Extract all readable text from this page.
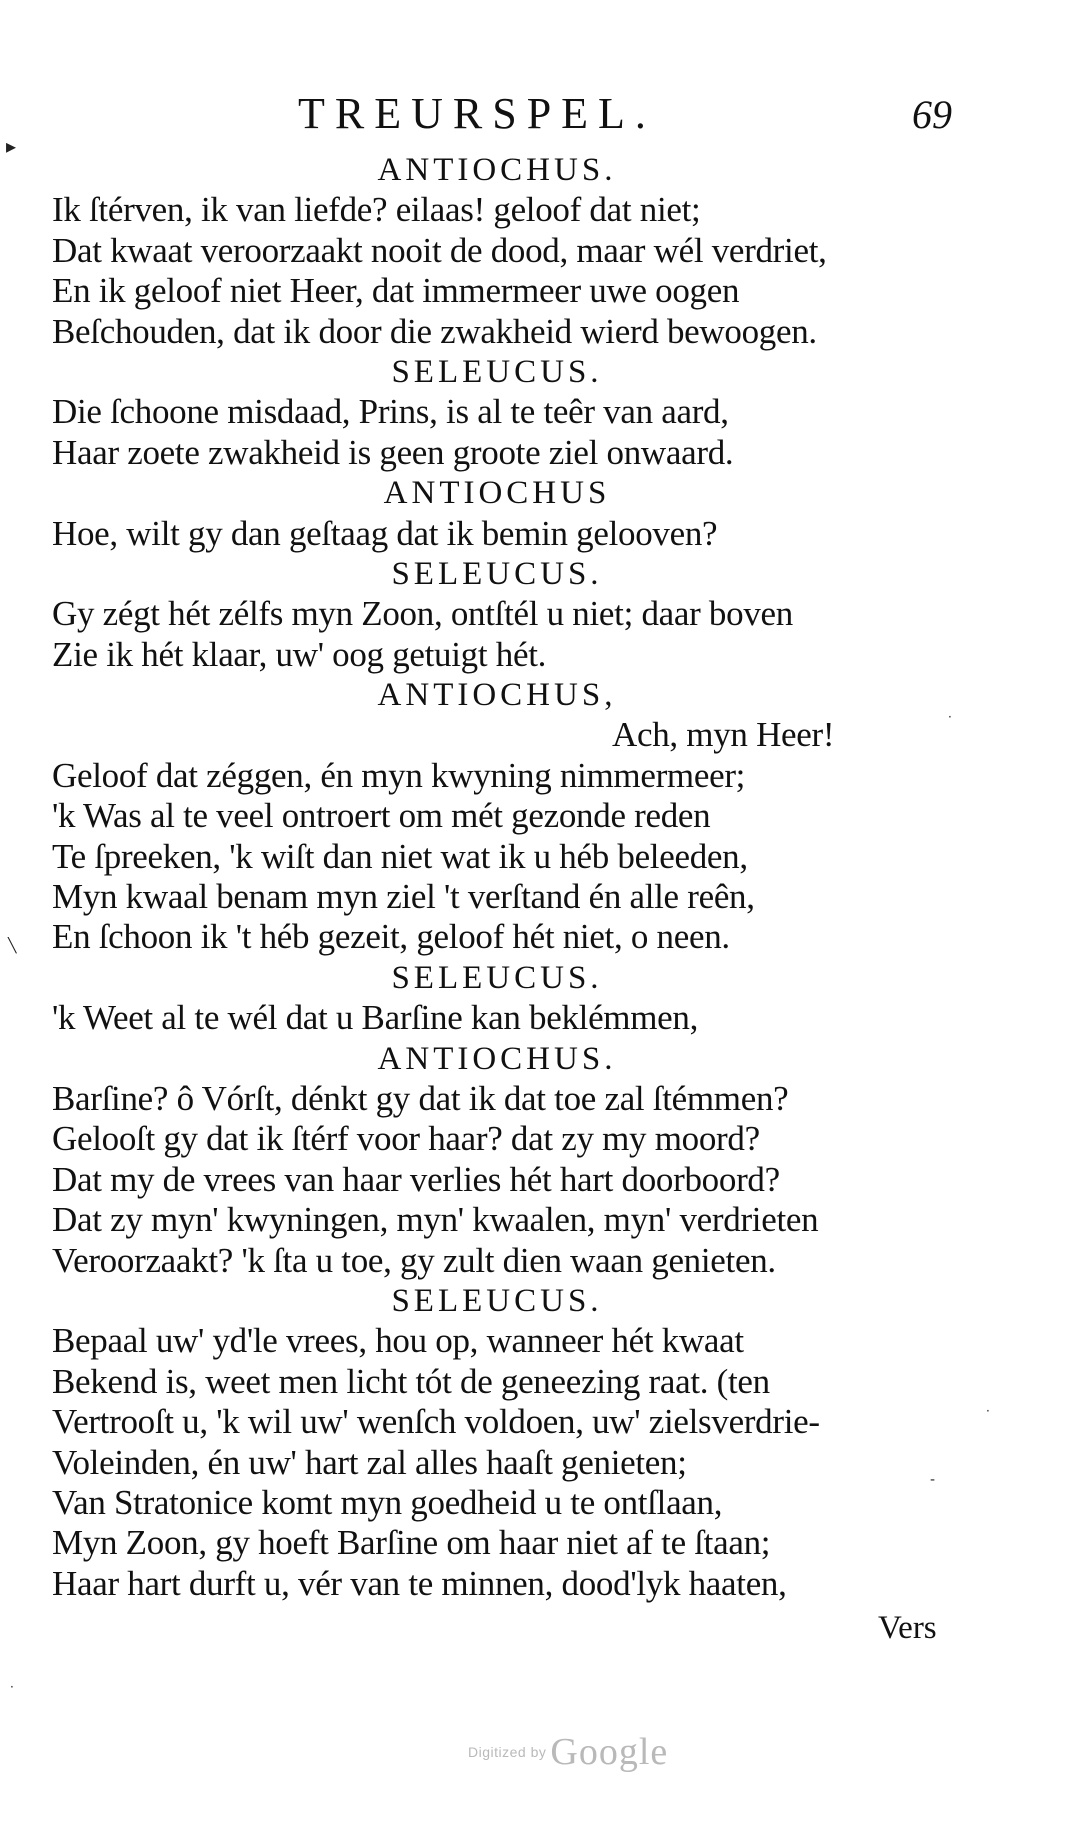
TREURSPEL.	69
ANTIOCHUS.
Ik ſtérven, ik van liefde? eilaas! geloof dat niet;
Dat kwaat veroorzaakt nooit de dood, maar wél verdriet,
En ik geloof niet Heer, dat immermeer uwe oogen
Beſchouden, dat ik door die zwakheid wierd bewoogen.
SELEUCUS.
Die ſchoone misdaad, Prins, is al te teêr van aard,
Haar zoete zwakheid is geen groote ziel onwaard.
ANTIOCHUS
Hoe, wilt gy dan geſtaag dat ik bemin gelooven?
SELEUCUS.
Gy zégt hét zélfs myn Zoon, ontſtél u niet; daar boven
Zie ik hét klaar, uw' oog getuigt hét.
ANTIOCHUS,
Ach, myn Heer!
Geloof dat zéggen, én myn kwyning nimmermeer;
'k Was al te veel ontroert om mét gezonde reden
Te ſpreeken, 'k wiſt dan niet wat ik u héb beleeden,
Myn kwaal benam myn ziel 't verſtand én alle reên,
En ſchoon ik 't héb gezeit, geloof hét niet, o neen.
SELEUCUS.
'k Weet al te wél dat u Barſine kan beklémmen,
ANTIOCHUS.
Barſine? ô Vórſt, dénkt gy dat ik dat toe zal ſtémmen?
Gelooſt gy dat ik ſtérf voor haar? dat zy my moord?
Dat my de vrees van haar verlies hét hart doorboord?
Dat zy myn' kwyningen, myn' kwaalen, myn' verdrieten
Veroorzaakt? 'k ſta u toe, gy zult dien waan genieten.
SELEUCUS.
Bepaal uw' yd'le vrees, hou op, wanneer hét kwaat
Bekend is, weet men licht tót de geneezing raat. (ten
Vertrooſt u, 'k wil uw' wenſch voldoen, uw' zielsverdrie-
Voleinden, én uw' hart zal alles haaſt genieten;
Van Stratonice komt myn goedheid u te ontſlaan,
Myn Zoon, gy hoeft Barſine om haar niet af te ſtaan;
Haar hart durft u, vér van te minnen, dood'lyk haaten,
Vers
Digitized by Google
▸
╲
·
·
-
·
